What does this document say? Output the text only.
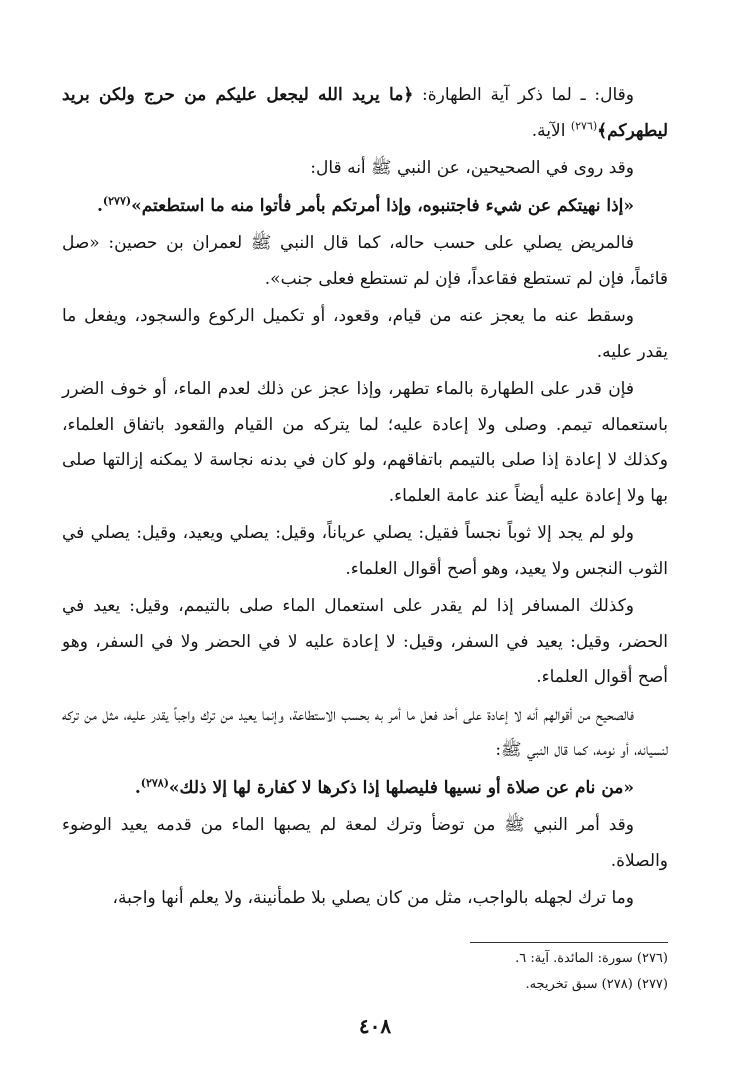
وقال: ـ لما ذكر آية الطهارة: ﴿ما يريد الله ليجعل عليكم من حرج ولكن بريد ليطهركم﴾$^{(٢٧٦)}$ الآية.

وقد روى في الصحيحين، عن النبي ﷺ أنه قال:

«إذا نهيتكم عن شيء فاجتنبوه، وإذا أمرتكم بأمر فأتوا منه ما استطعتم»$^{(٢٧٧)}$.

فالمريض يصلي على حسب حاله، كما قال النبي ﷺ لعمران بن حصين: «صل قائماً، فإن لم تستطع فقاعداً، فإن لم تستطع فعلى جنب».

وسقط عنه ما يعجز عنه من قيام، وقعود، أو تكميل الركوع والسجود، ويفعل ما يقدر عليه.

فإن قدر على الطهارة بالماء تطهر، وإذا عجز عن ذلك لعدم الماء، أو خوف الضرر باستعماله تيمم. وصلى ولا إعادة عليه؛ لما يتركه من القيام والقعود باتفاق العلماء، وكذلك لا إعادة إذا صلى بالتيمم باتفاقهم، ولو كان في بدنه نجاسة لا يمكنه إزالتها صلى بها ولا إعادة عليه أيضاً عند عامة العلماء.

ولو لم يجد إلا ثوباً نجساً فقيل: يصلي عرياناً، وقيل: يصلي ويعيد، وقيل: يصلي في الثوب النجس ولا يعيد، وهو أصح أقوال العلماء.

وكذلك المسافر إذا لم يقدر على استعمال الماء صلى بالتيمم، وقيل: يعيد في الحضر، وقيل: يعيد في السفر، وقيل: لا إعادة عليه لا في الحضر ولا في السفر، وهو أصح أقوال العلماء.

فالصحيح من أقوالهم أنه لا إعادة على أحد فعل ما أمر به بحسب الاستطاعة، وإنما يعيد من ترك واجباً يقدر عليه، مثل من تركه لنسيانه، أو نومه، كما قال النبي ﷺ:

«من نام عن صلاة أو نسيها فليصلها إذا ذكرها لا كفارة لها إلا ذلك»$^{(٢٧٨)}$.

وقد أمر النبي ﷺ من توضأ وترك لمعة لم يصبها الماء من قدمه يعيد الوضوء والصلاة.

وما ترك لجهله بالواجب، مثل من كان يصلي بلا طمأنينة، ولا يعلم أنها واجبة،

(٢٧٦) سورة: المائدة. آية: ٦.

(٢٧٧) (٢٧٨) سبق تخريجه.

٤٠٨
